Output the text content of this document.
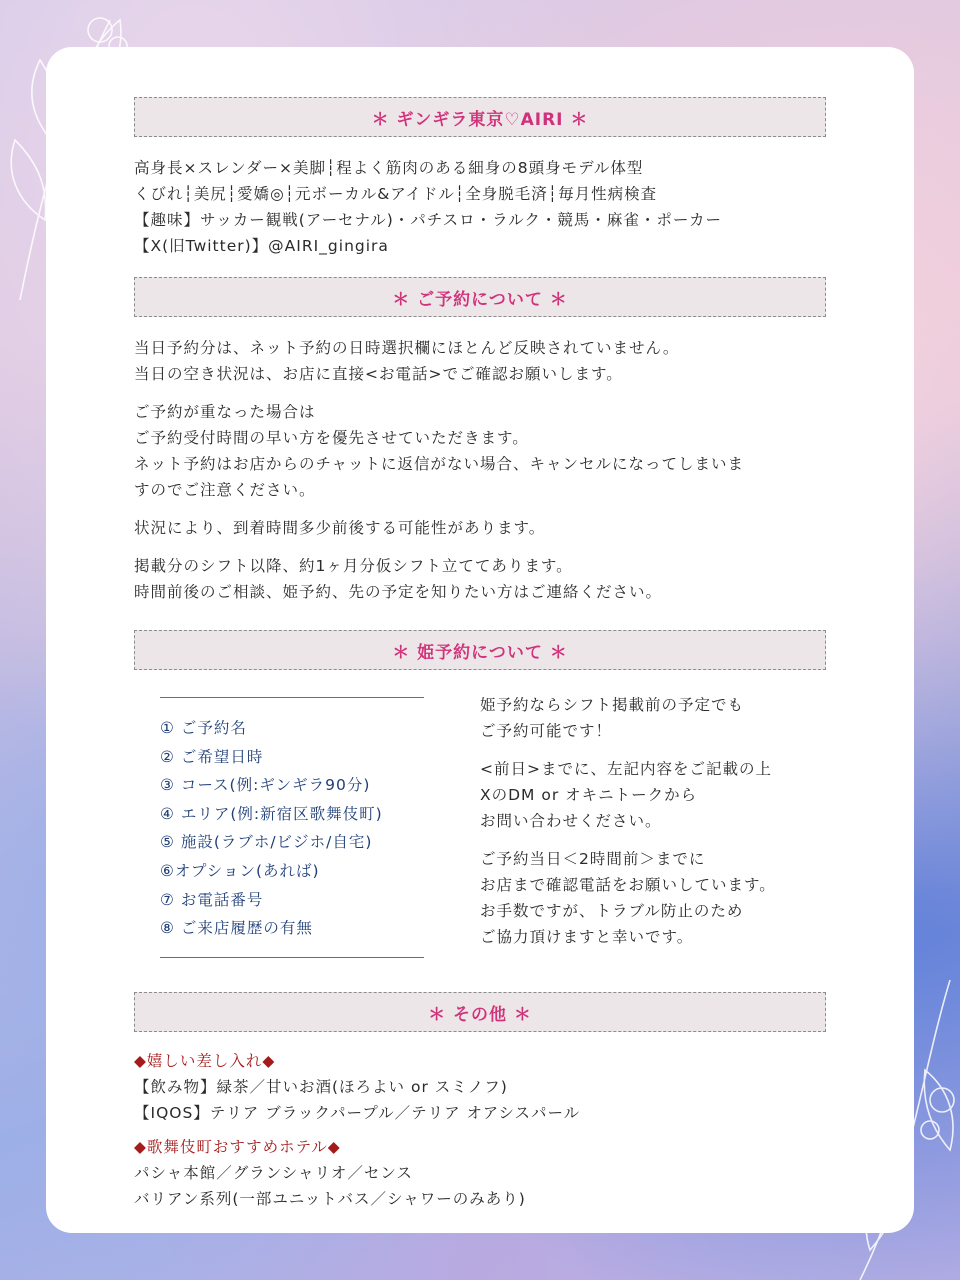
＊ ギンギラ東京♡AIRI ＊

高身長×スレンダー×美脚┆程よく筋肉のある細身の8頭身モデル体型

くびれ┆美尻┆愛嬌◎┆元ボーカル&アイドル┆全身脱毛済┆毎月性病検査

【趣味】サッカー観戦(アーセナル)・パチスロ・ラルク・競馬・麻雀・ポーカー

【X(旧Twitter)】@AIRI_gingira

＊ ご予約について ＊

当日予約分は、ネット予約の日時選択欄にほとんど反映されていません。

当日の空き状況は、お店に直接<お電話>でご確認お願いします。

ご予約が重なった場合は

ご予約受付時間の早い方を優先させていただきます。

ネット予約はお店からのチャットに返信がない場合、キャンセルになってしまいま

すのでご注意ください。

状況により、到着時間多少前後する可能性があります。

掲載分のシフト以降、約1ヶ月分仮シフト立ててあります。

時間前後のご相談、姫予約、先の予定を知りたい方はご連絡ください。

＊ 姫予約について ＊
① ご予約名
② ご希望日時
③ コース(例:ギンギラ90分)
④ エリア(例:新宿区歌舞伎町)
⑤ 施設(ラブホ/ビジホ/自宅)
⑥オプション(あれば)
⑦ お電話番号
⑧ ご来店履歴の有無

姫予約ならシフト掲載前の予定でも

ご予約可能です！

<前日>までに、左記内容をご記載の上

XのDM or オキニトークから

お問い合わせください。

ご予約当日＜2時間前＞までに

お店まで確認電話をお願いしています。

お手数ですが、トラブル防止のため

ご協力頂けますと幸いです。

＊ その他 ＊

◆嬉しい差し入れ◆

【飲み物】緑茶／甘いお酒(ほろよい or スミノフ)

【IQOS】テリア ブラックパープル／テリア オアシスパール

◆歌舞伎町おすすめホテル◆

パシャ本館／グランシャリオ／センス

バリアン系列(一部ユニットバス／シャワーのみあり)
